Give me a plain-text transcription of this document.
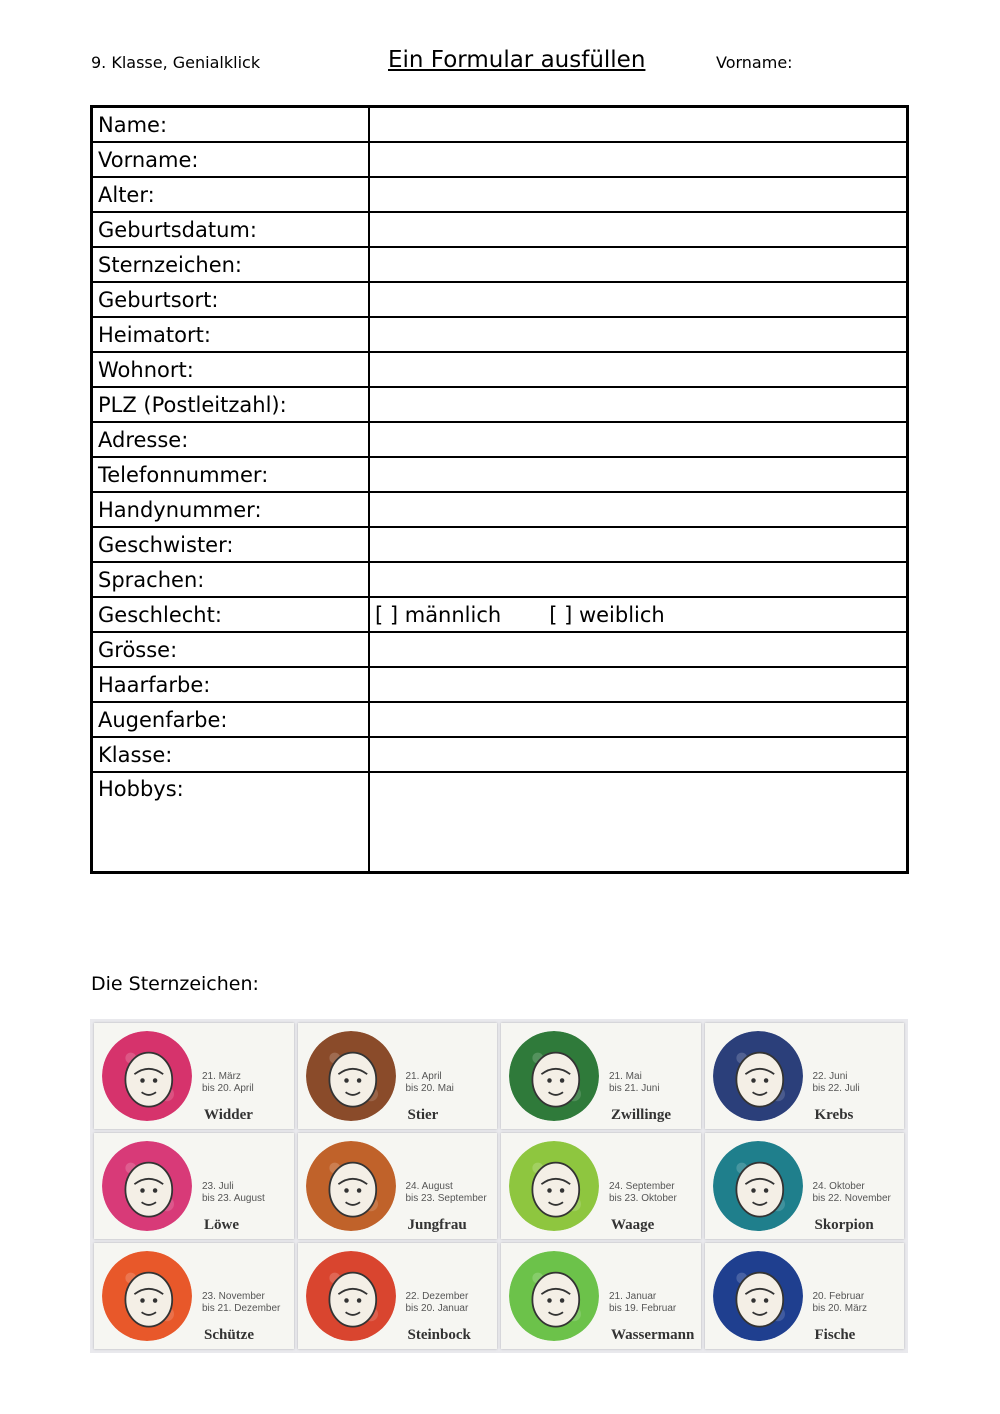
9. Klasse, Genialklick	Ein Formular ausfüllen	Vorname:
Name:	
Vorname:	
Alter:	
Geburtsdatum:	
Sternzeichen:	
Geburtsort:	
Heimatort:	
Wohnort:	
PLZ (Postleitzahl):	
Adresse:	
Telefonnummer:	
Handynummer:	
Geschwister:	
Sprachen:	
Geschlecht:	[ ] männlich [ ] weiblich
Grösse:	
Haarfarbe:	
Augenfarbe:	
Klasse:	
Hobbys:	
Die Sternzeichen:
21. März
bis 20. April
Widder
21. April
bis 20. Mai
Stier
21. Mai
bis 21. Juni
Zwillinge
22. Juni
bis 22. Juli
Krebs
23. Juli
bis 23. August
Löwe
24. August
bis 23. September
Jungfrau
24. September
bis 23. Oktober
Waage
24. Oktober
bis 22. November
Skorpion
23. November
bis 21. Dezember
Schütze
22. Dezember
bis 20. Januar
Steinbock
21. Januar
bis 19. Februar
Wassermann
20. Februar
bis 20. März
Fische
